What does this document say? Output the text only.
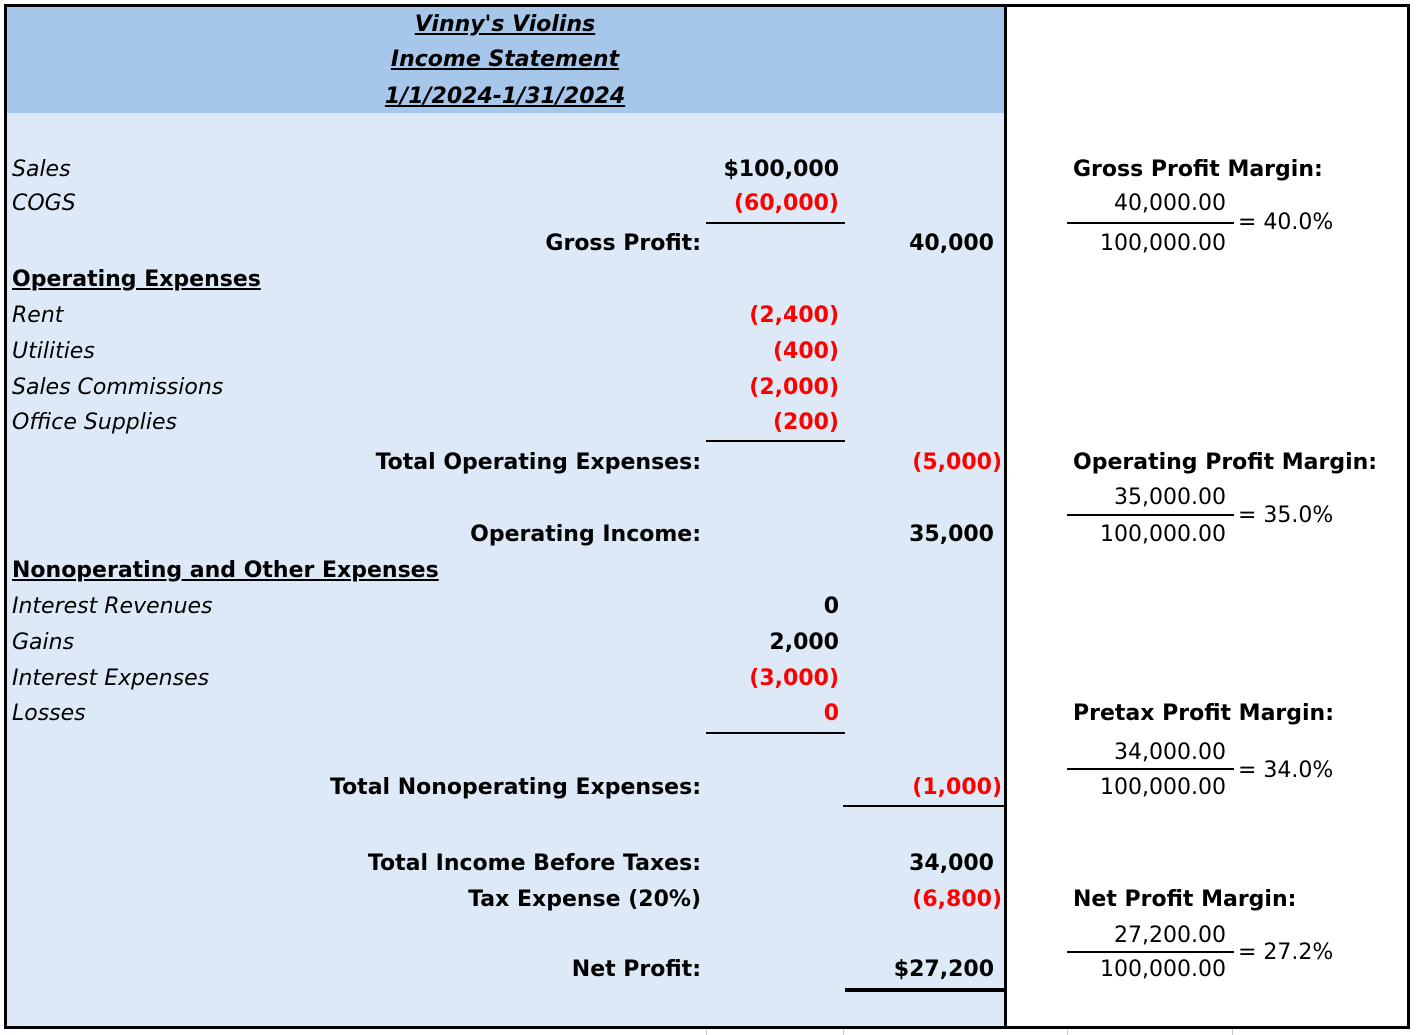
Vinny's Violins
Income Statement
1/1/2024-1/31/2024
Sales	$100,000
COGS	(60,000)
Gross Profit:	40,000
Operating Expenses
Rent	(2,400)
Utilities	(400)
Sales Commissions	(2,000)
Office Supplies	(200)
Total Operating Expenses:	(5,000)
Operating Income:	35,000
Nonoperating and Other Expenses
Interest Revenues	0
Gains	2,000
Interest Expenses	(3,000)
Losses	0
Total Nonoperating Expenses:	(1,000)
Total Income Before Taxes:	34,000
Tax Expense (20%)	(6,800)
Net Profit:	$27,200
Gross Profit Margin:
40,000.00
= 40.0%
100,000.00
Operating Profit Margin:
35,000.00
= 35.0%
100,000.00
Pretax Profit Margin:
34,000.00
= 34.0%
100,000.00
Net Profit Margin:
27,200.00
= 27.2%
100,000.00
